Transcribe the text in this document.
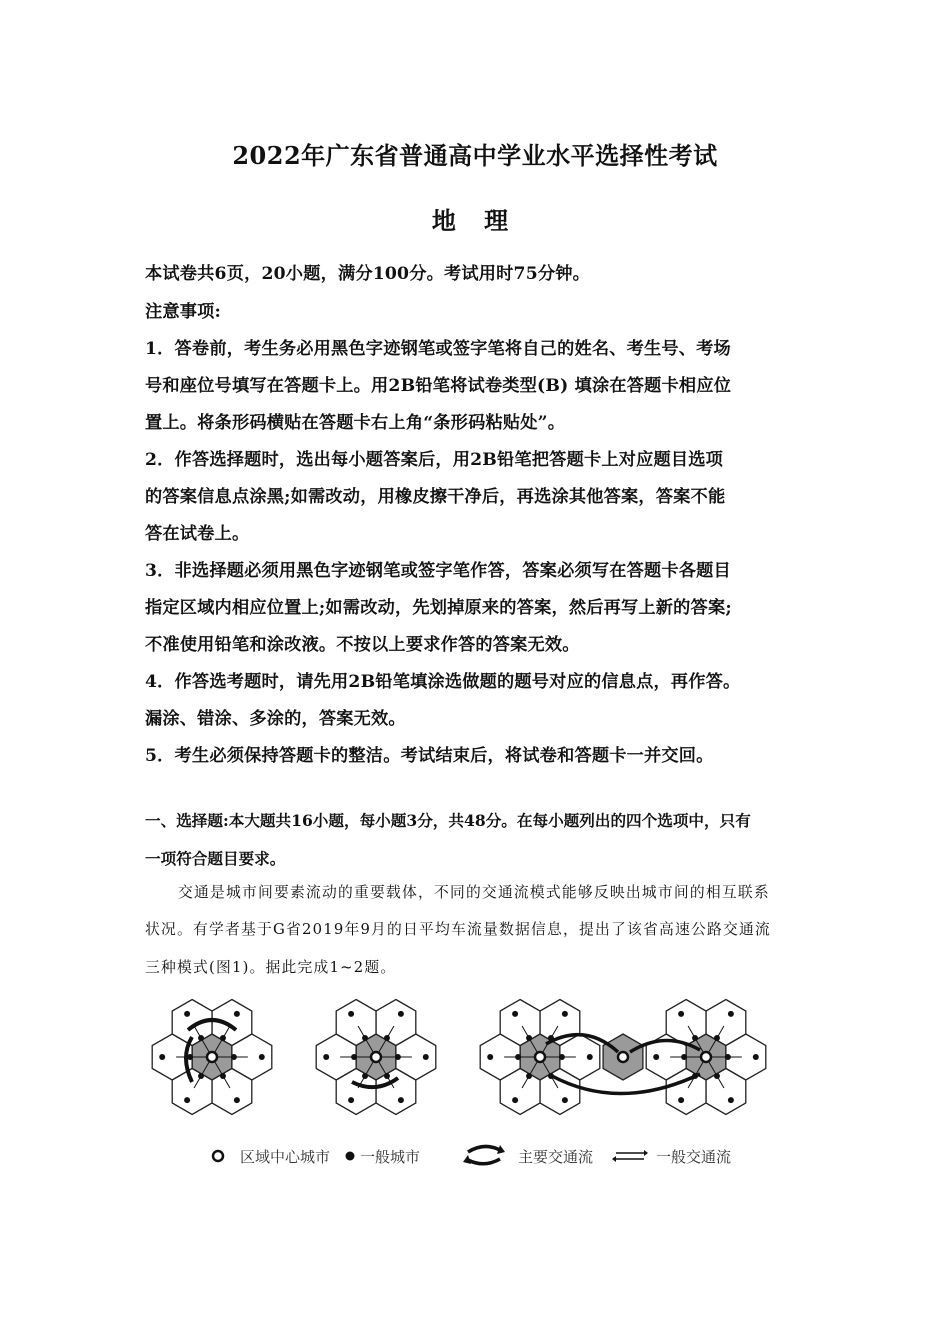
2022年广东省普通高中学业水平选择性考试
地 理
本试卷共6页，20小题，满分100分。考试用时75分钟。
注意事项:
1．答卷前，考生务必用黑色字迹钢笔或签字笔将自己的姓名、考生号、考场
号和座位号填写在答题卡上。用2B铅笔将试卷类型(B) 填涂在答题卡相应位
置上。将条形码横贴在答题卡右上角“条形码粘贴处”。
2．作答选择题时，选出每小题答案后，用2B铅笔把答题卡上对应题目选项
的答案信息点涂黑;如需改动，用橡皮擦干净后，再选涂其他答案，答案不能
答在试卷上。
3．非选择题必须用黑色字迹钢笔或签字笔作答，答案必须写在答题卡各题目
指定区域内相应位置上;如需改动，先划掉原来的答案，然后再写上新的答案;
不准使用铅笔和涂改液。不按以上要求作答的答案无效。
4．作答选考题时，请先用2B铅笔填涂选做题的题号对应的信息点，再作答。
漏涂、错涂、多涂的，答案无效。
5．考生必须保持答题卡的整洁。考试结束后，将试卷和答题卡一并交回。
一、选择题:本大题共16小题，每小题3分，共48分。在每小题列出的四个选项中，只有
一项符合题目要求。
交通是城市间要素流动的重要载体，不同的交通流模式能够反映出城市间的相互联系
状况。有学者基于G省2019年9月的日平均车流量数据信息，提出了该省高速公路交通流
三种模式(图1)。据此完成1~2题。
区域中心城市 一般城市	主要交通流	一般交通流
